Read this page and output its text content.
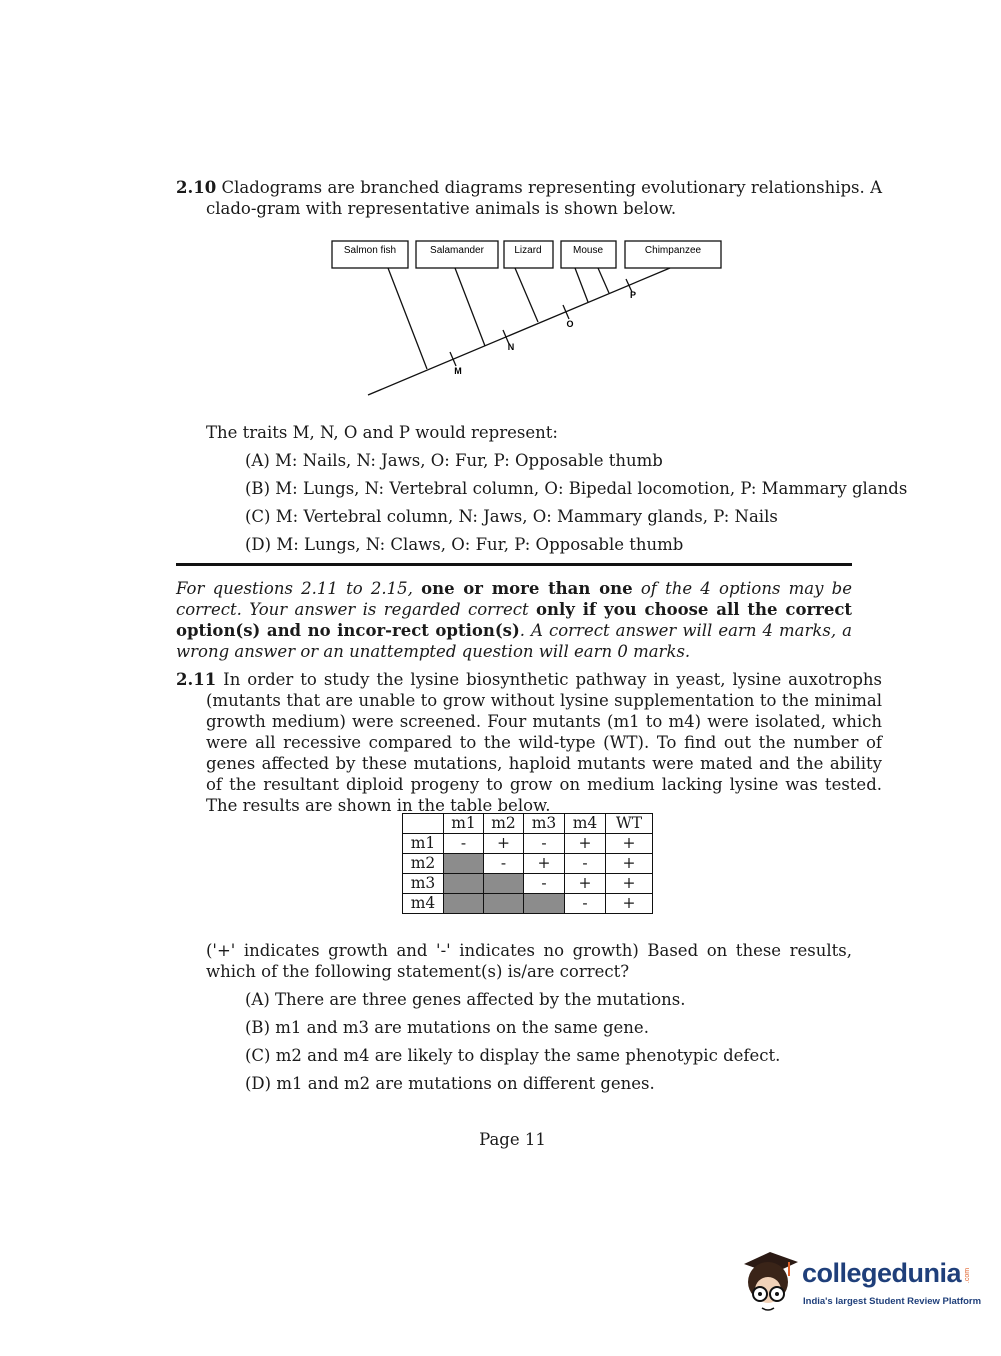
2.10 Cladograms are branched diagrams representing evolutionary relationships. A clado-gram with representative animals is shown below.
Salmon fish	Salamander	Lizard	Mouse	Chimpanzee
M
N
O
P
The traits M, N, O and P would represent:
(A) M: Nails, N: Jaws, O: Fur, P: Opposable thumb
(B) M: Lungs, N: Vertebral column, O: Bipedal locomotion, P: Mammary glands
(C) M: Vertebral column, N: Jaws, O: Mammary glands, P: Nails
(D) M: Lungs, N: Claws, O: Fur, P: Opposable thumb
For questions 2.11 to 2.15, one or more than one of the 4 options may be correct. Your answer is regarded correct only if you choose all the correct option(s) and no incor-rect option(s). A correct answer will earn 4 marks, a wrong answer or an unattempted question will earn 0 marks.
2.11 In order to study the lysine biosynthetic pathway in yeast, lysine auxotrophs (mutants that are unable to grow without lysine supplementation to the minimal growth medium) were screened. Four mutants (m1 to m4) were isolated, which were all recessive compared to the wild-type (WT). To find out the number of genes affected by these mutations, haploid mutants were mated and the ability of the resultant diploid progeny to grow on medium lacking lysine was tested. The results are shown in the table below.
	m1	m2	m3	m4	WT
m1	-	+	-	+	+
m2		-	+	-	+
m3			-	+	+
m4				-	+
('+' indicates growth and '-' indicates no growth) Based on these results, which of the following statement(s) is/are correct?
(A) There are three genes affected by the mutations.
(B) m1 and m3 are mutations on the same gene.
(C) m2 and m4 are likely to display the same phenotypic defect.
(D) m1 and m2 are mutations on different genes.
Page 11
collegedunia .com
India's largest Student Review Platform
